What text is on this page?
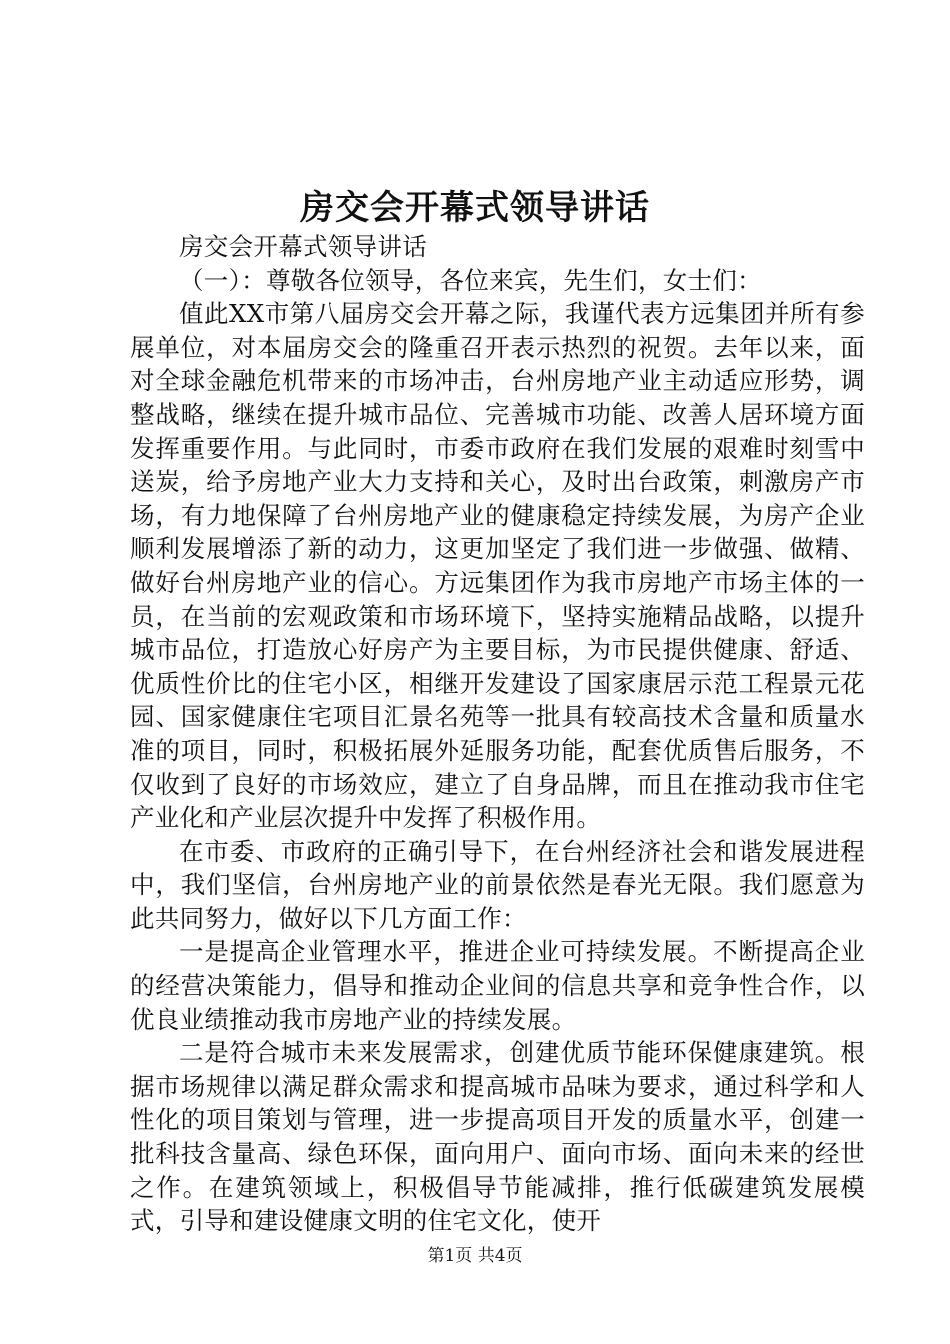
房交会开幕式领导讲话

房交会开幕式领导讲话

（一）：尊敬各位领导，各位来宾，先生们，女士们：

值此XX市第八届房交会开幕之际，我谨代表方远集团并所有参展单位，对本届房交会的隆重召开表示热烈的祝贺。去年以来，面对全球金融危机带来的市场冲击，台州房地产业主动适应形势，调整战略，继续在提升城市品位、完善城市功能、改善人居环境方面发挥重要作用。与此同时，市委市政府在我们发展的艰难时刻雪中送炭，给予房地产业大力支持和关心，及时出台政策，刺激房产市场，有力地保障了台州房地产业的健康稳定持续发展，为房产企业顺利发展增添了新的动力，这更加坚定了我们进一步做强、做精、做好台州房地产业的信心。方远集团作为我市房地产市场主体的一员，在当前的宏观政策和市场环境下，坚持实施精品战略，以提升城市品位，打造放心好房产为主要目标，为市民提供健康、舒适、优质性价比的住宅小区，相继开发建设了国家康居示范工程景元花园、国家健康住宅项目汇景名苑等一批具有较高技术含量和质量水准的项目，同时，积极拓展外延服务功能，配套优质售后服务，不仅收到了良好的市场效应，建立了自身品牌，而且在推动我市住宅产业化和产业层次提升中发挥了积极作用。

在市委、市政府的正确引导下，在台州经济社会和谐发展进程中，我们坚信，台州房地产业的前景依然是春光无限。我们愿意为此共同努力，做好以下几方面工作：

一是提高企业管理水平，推进企业可持续发展。不断提高企业的经营决策能力，倡导和推动企业间的信息共享和竞争性合作，以优良业绩推动我市房地产业的持续发展。

二是符合城市未来发展需求，创建优质节能环保健康建筑。根据市场规律以满足群众需求和提高城市品味为要求，通过科学和人性化的项目策划与管理，进一步提高项目开发的质量水平，创建一批科技含量高、绿色环保，面向用户、面向市场、面向未来的经世之作。在建筑领域上，积极倡导节能减排，推行低碳建筑发展模式，引导和建设健康文明的住宅文化，使开

第1页 共4页
